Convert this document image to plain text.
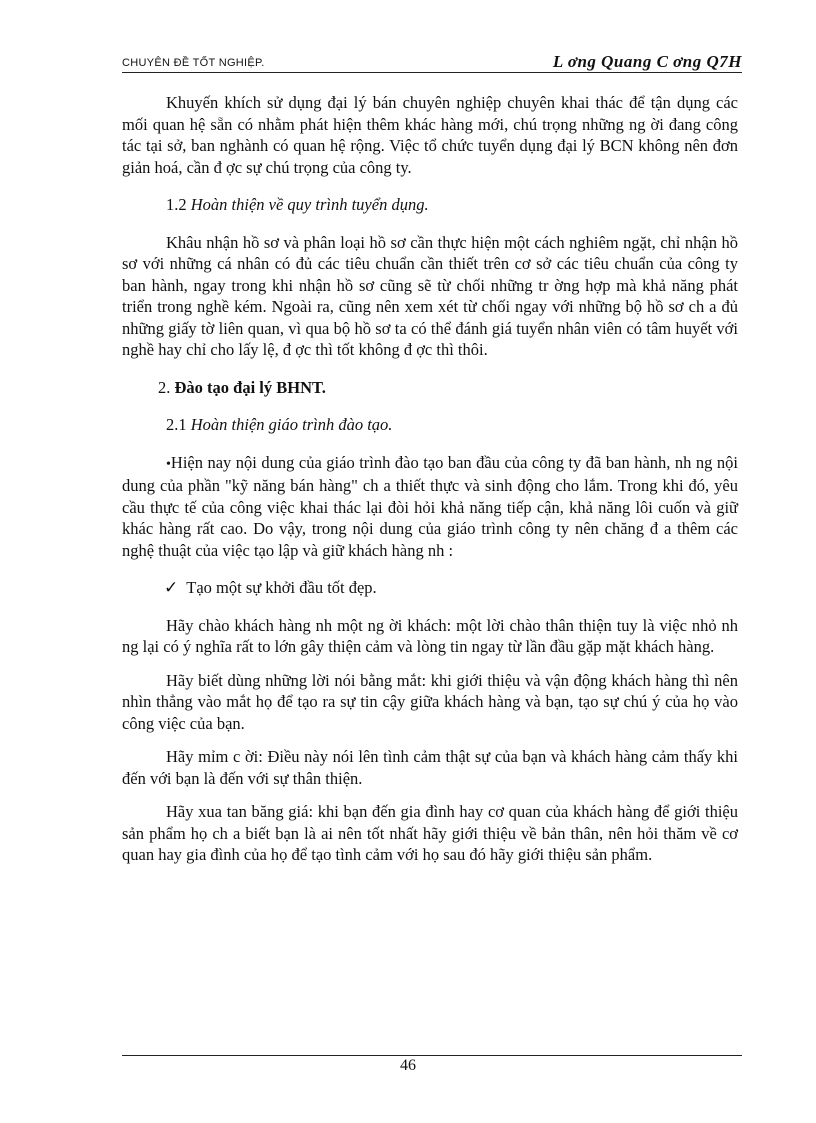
CHUYÊN ĐỀ TỐT NGHIỆP.	L ơng Quang C ơng Q7H

Khuyến khích sử dụng đại lý bán chuyên nghiệp chuyên khai thác để tận dụng các mối quan hệ sẵn có nhằm phát hiện thêm khác hàng mới, chú trọng những ng ời đang công tác tại sở, ban nghành có quan hệ rộng. Việc tổ chức tuyển dụng đại lý BCN không nên đơn giản hoá, cần đ ợc sự chú trọng của công ty.

1.2 Hoàn thiện về quy trình tuyển dụng.

Khâu nhận hồ sơ và phân loại hồ sơ cần thực hiện một cách nghiêm ngặt, chỉ nhận hồ sơ với những cá nhân có đủ các tiêu chuẩn cần thiết trên cơ sở các tiêu chuẩn của công ty ban hành, ngay trong khi nhận hồ sơ cũng sẽ từ chối những tr ờng hợp mà khả năng phát triển trong nghề kém. Ngoài ra, cũng nên xem xét từ chối ngay với những bộ hồ sơ ch a đủ những giấy tờ liên quan, vì qua bộ hồ sơ ta có thể đánh giá tuyển nhân viên có tâm huyết với nghề hay chỉ cho lấy lệ, đ ợc thì tốt không đ ợc thì thôi.

2. Đào tạo đại lý BHNT.

2.1 Hoàn thiện giáo trình đào tạo.

•Hiện nay nội dung của giáo trình đào tạo ban đầu của công ty đã ban hành, nh ng nội dung của phần "kỹ năng bán hàng" ch a thiết thực và sinh động cho lắm. Trong khi đó, yêu cầu thực tế của công việc khai thác lại đòi hỏi khả năng tiếp cận, khả năng lôi cuốn và giữ khác hàng rất cao. Do vậy, trong nội dung của giáo trình công ty nên chăng đ a thêm các nghệ thuật của việc tạo lập và giữ khách hàng nh :

✓ Tạo một sự khởi đầu tốt đẹp.

Hãy chào khách hàng nh một ng ời khách: một lời chào thân thiện tuy là việc nhỏ nh ng lại có ý nghĩa rất to lớn gây thiện cảm và lòng tin ngay từ lần đầu gặp mặt khách hàng.

Hãy biết dùng những lời nói bằng mắt: khi giới thiệu và vận động khách hàng thì nên nhìn thẳng vào mắt họ để tạo ra sự tin cậy giữa khách hàng và bạn, tạo sự chú ý của họ vào công việc của bạn.

Hãy mỉm c ời: Điều này nói lên tình cảm thật sự của bạn và khách hàng cảm thấy khi đến với bạn là đến với sự thân thiện.

Hãy xua tan băng giá: khi bạn đến gia đình hay cơ quan của khách hàng để giới thiệu sản phẩm họ ch a biết bạn là ai nên tốt nhất hãy giới thiệu về bản thân, nên hỏi thăm về cơ quan hay gia đình của họ để tạo tình cảm với họ sau đó hãy giới thiệu sản phẩm.

46
